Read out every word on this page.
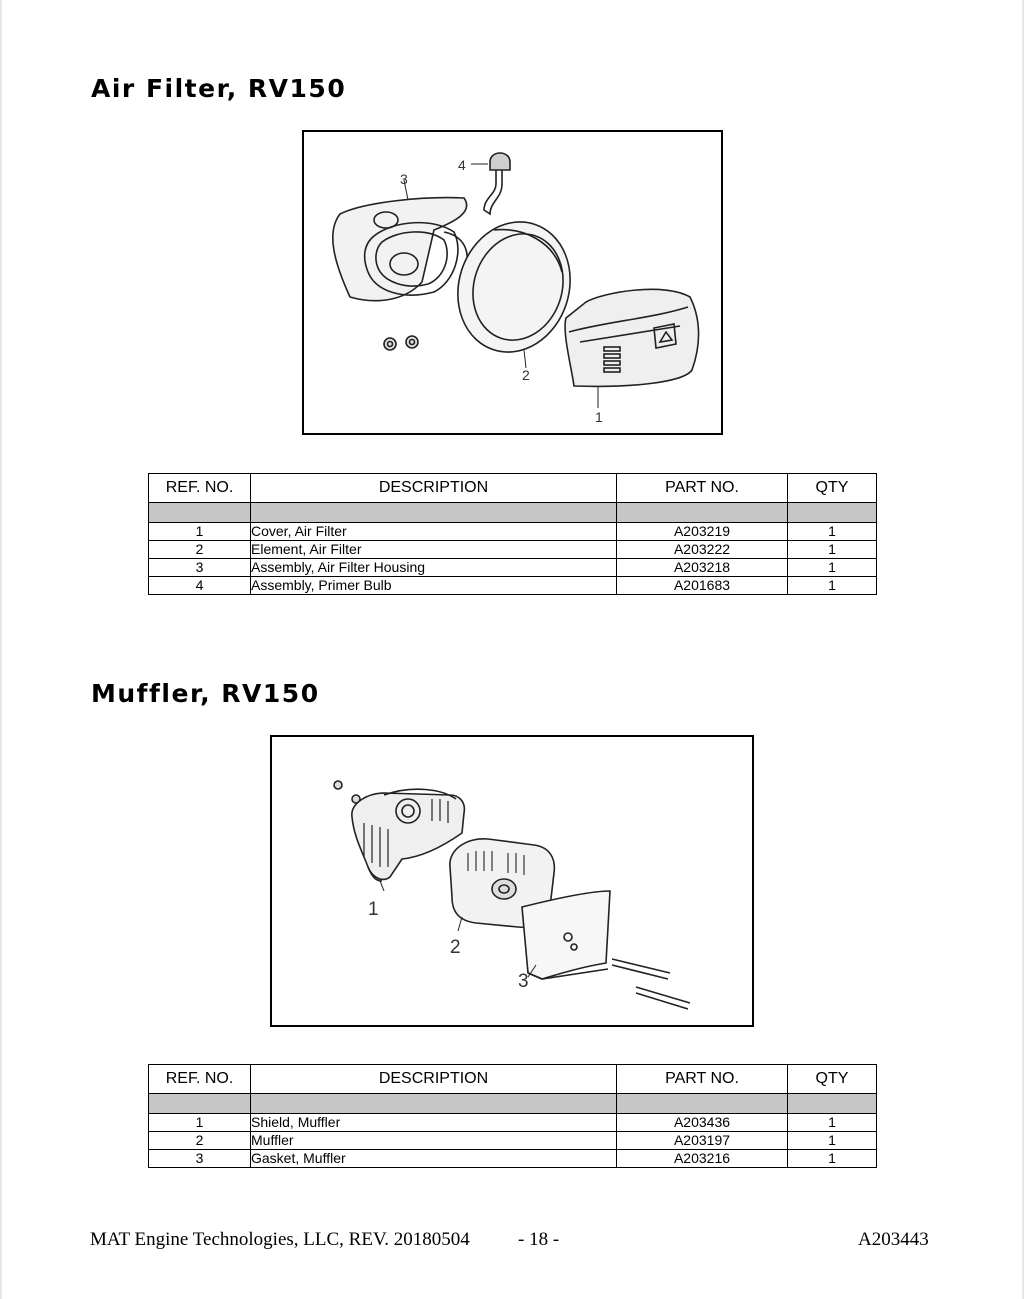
Air Filter, RV150
1
2
3
4
REF. NO.	DESCRIPTION	PART NO.	QTY

1	Cover, Air Filter	A203219	1
2	Element, Air Filter	A203222	1
3	Assembly, Air Filter Housing	A203218	1
4	Assembly, Primer Bulb	A201683	1
Muffler, RV150
1
2
3
REF. NO.	DESCRIPTION	PART NO.	QTY

1	Shield, Muffler	A203436	1
2	Muffler	A203197	1
3	Gasket, Muffler	A203216	1
MAT Engine Technologies, LLC, REV. 20180504	- 18 -	A203443
